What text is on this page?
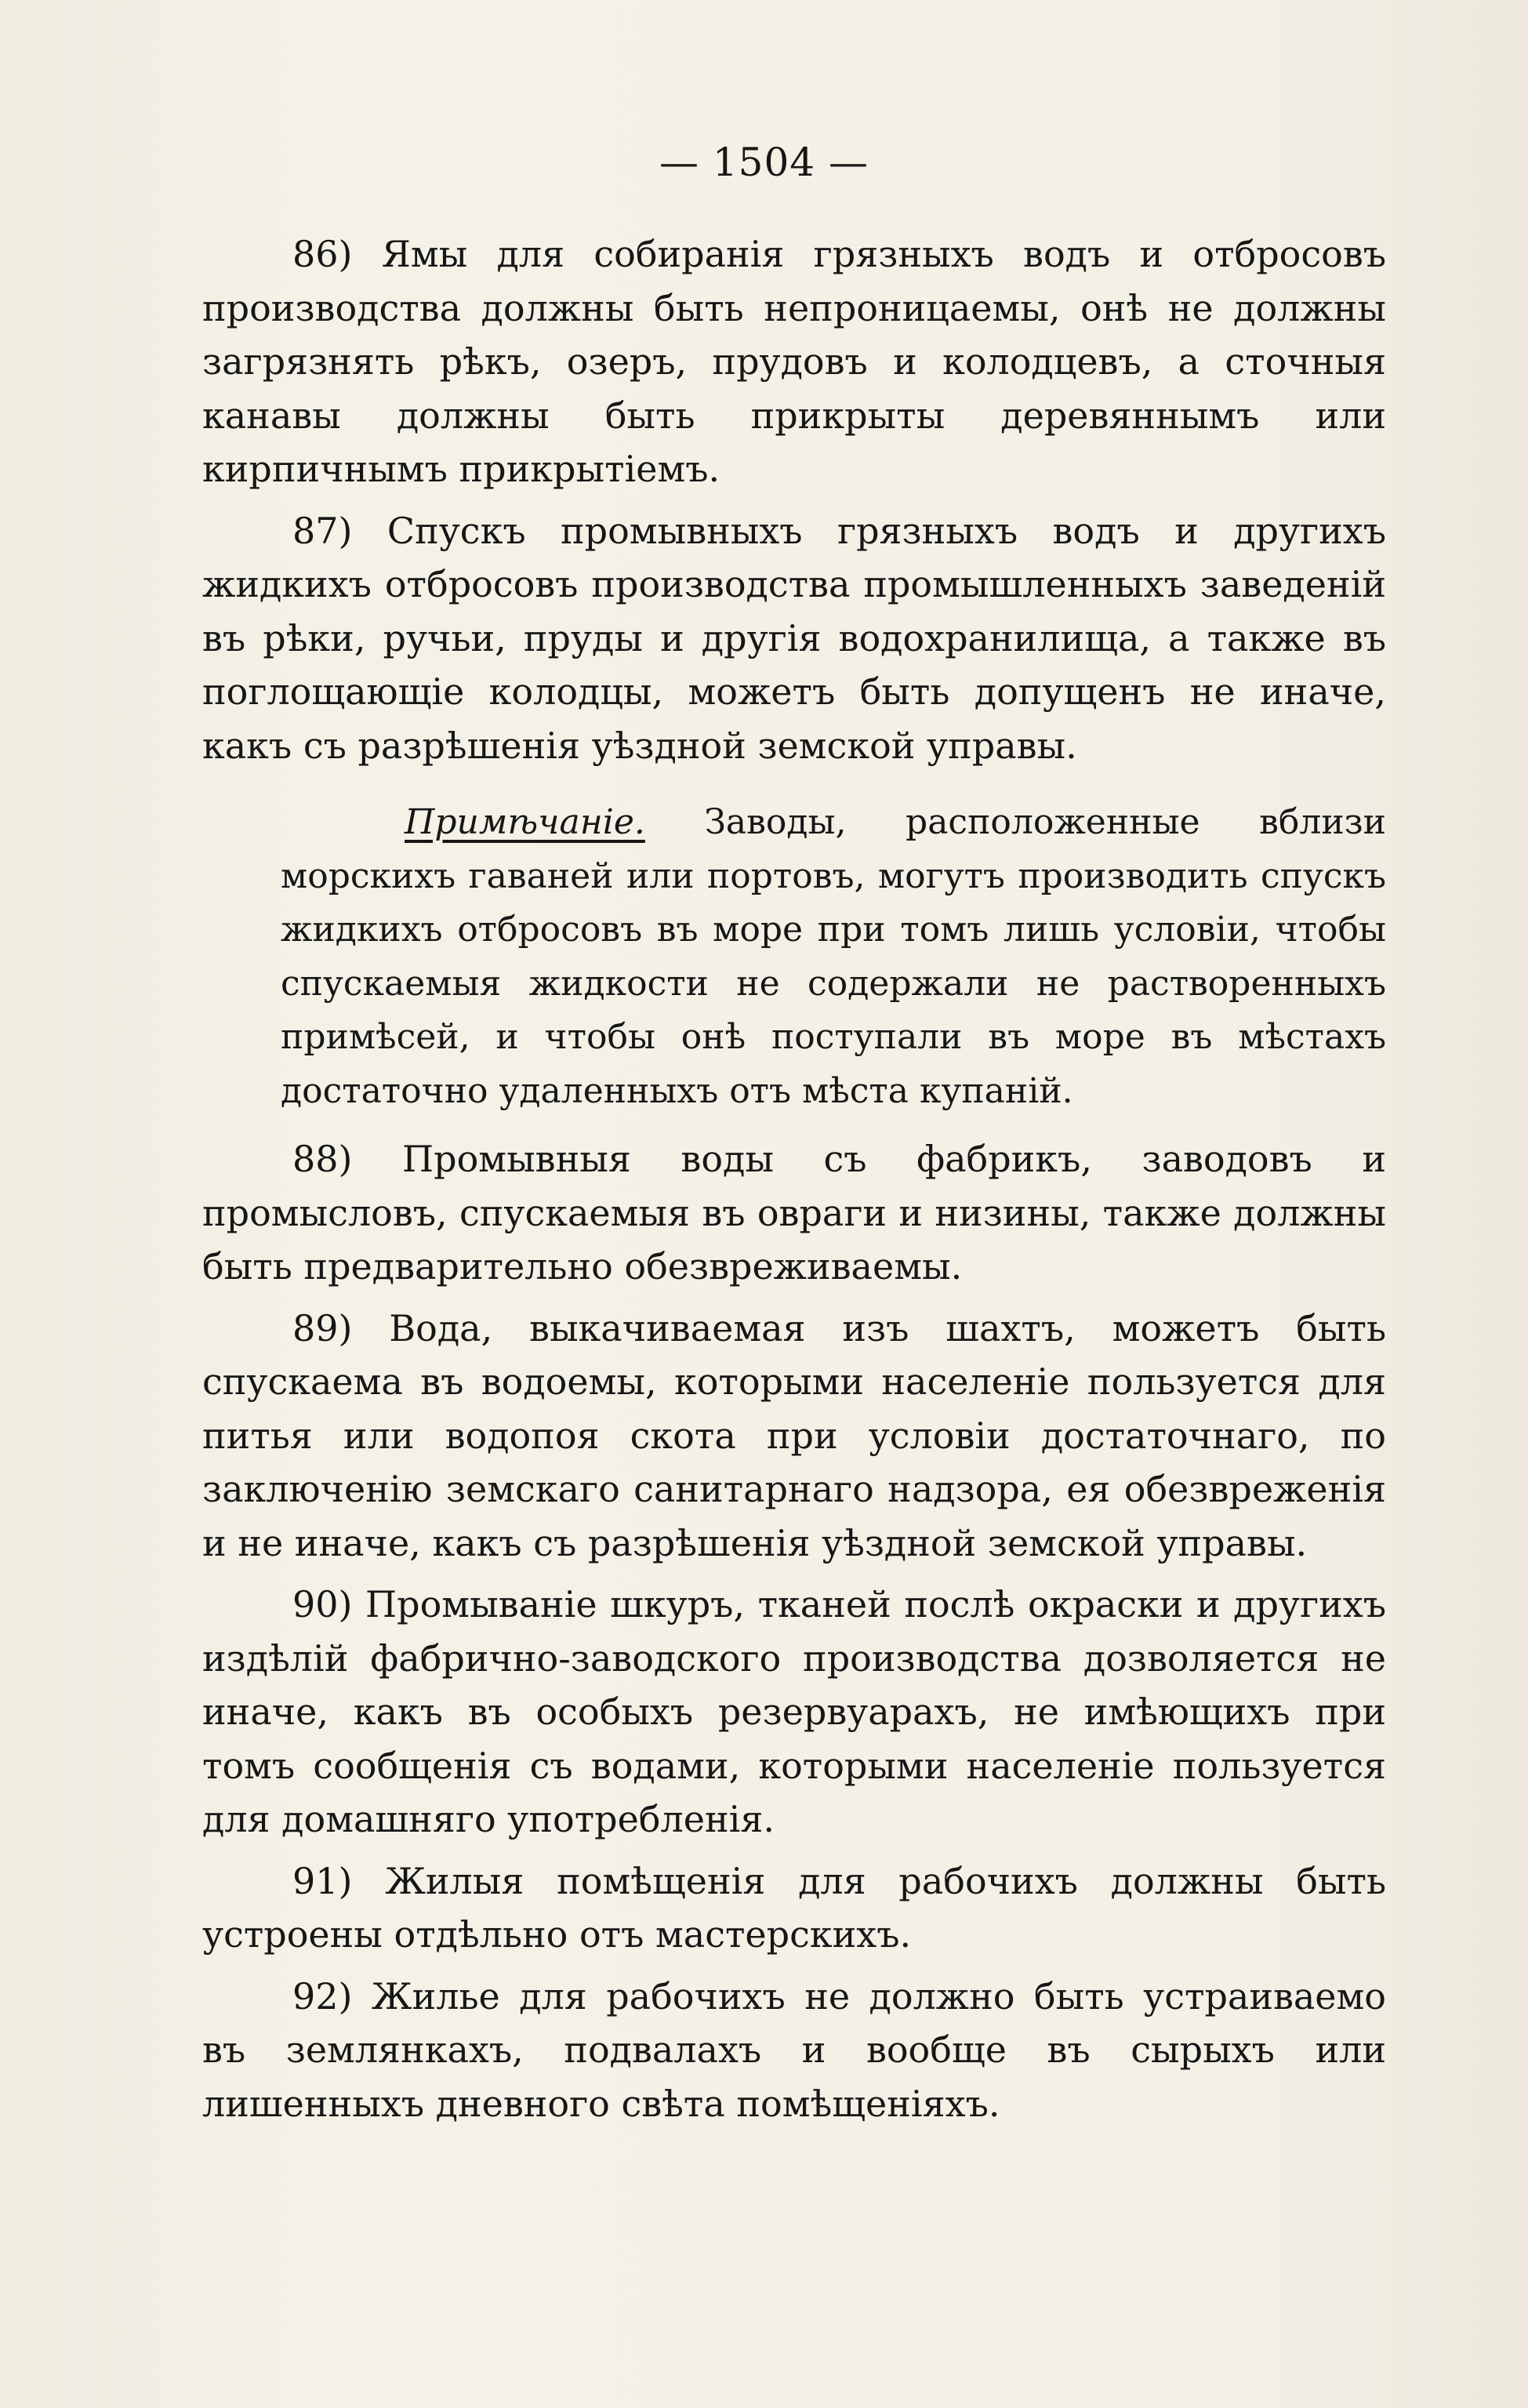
— 1504 —

86) Ямы для собиранія грязныхъ водъ и отбросовъ производства должны быть непроницаемы, онѣ не должны загрязнять рѣкъ, озеръ, прудовъ и колодцевъ, а сточныя канавы должны быть прикрыты деревяннымъ или кирпичнымъ прикрытіемъ.

87) Спускъ промывныхъ грязныхъ водъ и другихъ жидкихъ отбросовъ производства промышленныхъ заведеній въ рѣки, ручьи, пруды и другія водохранилища, а также въ поглощающіе колодцы, можетъ быть допущенъ не иначе, какъ съ разрѣшенія уѣздной земской управы.

Примѣчаніе. Заводы, расположенные вблизи морскихъ гаваней или портовъ, могутъ производить спускъ жидкихъ отбросовъ въ море при томъ лишь условіи, чтобы спускаемыя жидкости не содержали не растворенныхъ примѣсей, и чтобы онѣ поступали въ море въ мѣстахъ достаточно удаленныхъ отъ мѣста купаній.

88) Промывныя воды съ фабрикъ, заводовъ и промысловъ, спускаемыя въ овраги и низины, также должны быть предварительно обезвреживаемы.

89) Вода, выкачиваемая изъ шахтъ, можетъ быть спускаема въ водоемы, которыми населеніе пользуется для питья или водопоя скота при условіи достаточнаго, по заключенію земскаго санитарнаго надзора, ея обезвреженія и не иначе, какъ съ разрѣшенія уѣздной земской управы.

90) Промываніе шкуръ, тканей послѣ окраски и другихъ издѣлій фабрично-заводского производства дозволяется не иначе, какъ въ особыхъ резервуарахъ, не имѣющихъ при томъ сообщенія съ водами, которыми населеніе пользуется для домашняго употребленія.

91) Жилыя помѣщенія для рабочихъ должны быть устроены отдѣльно отъ мастерскихъ.

92) Жилье для рабочихъ не должно быть устраиваемо въ землянкахъ, подвалахъ и вообще въ сырыхъ или лишенныхъ дневного свѣта помѣщеніяхъ.
